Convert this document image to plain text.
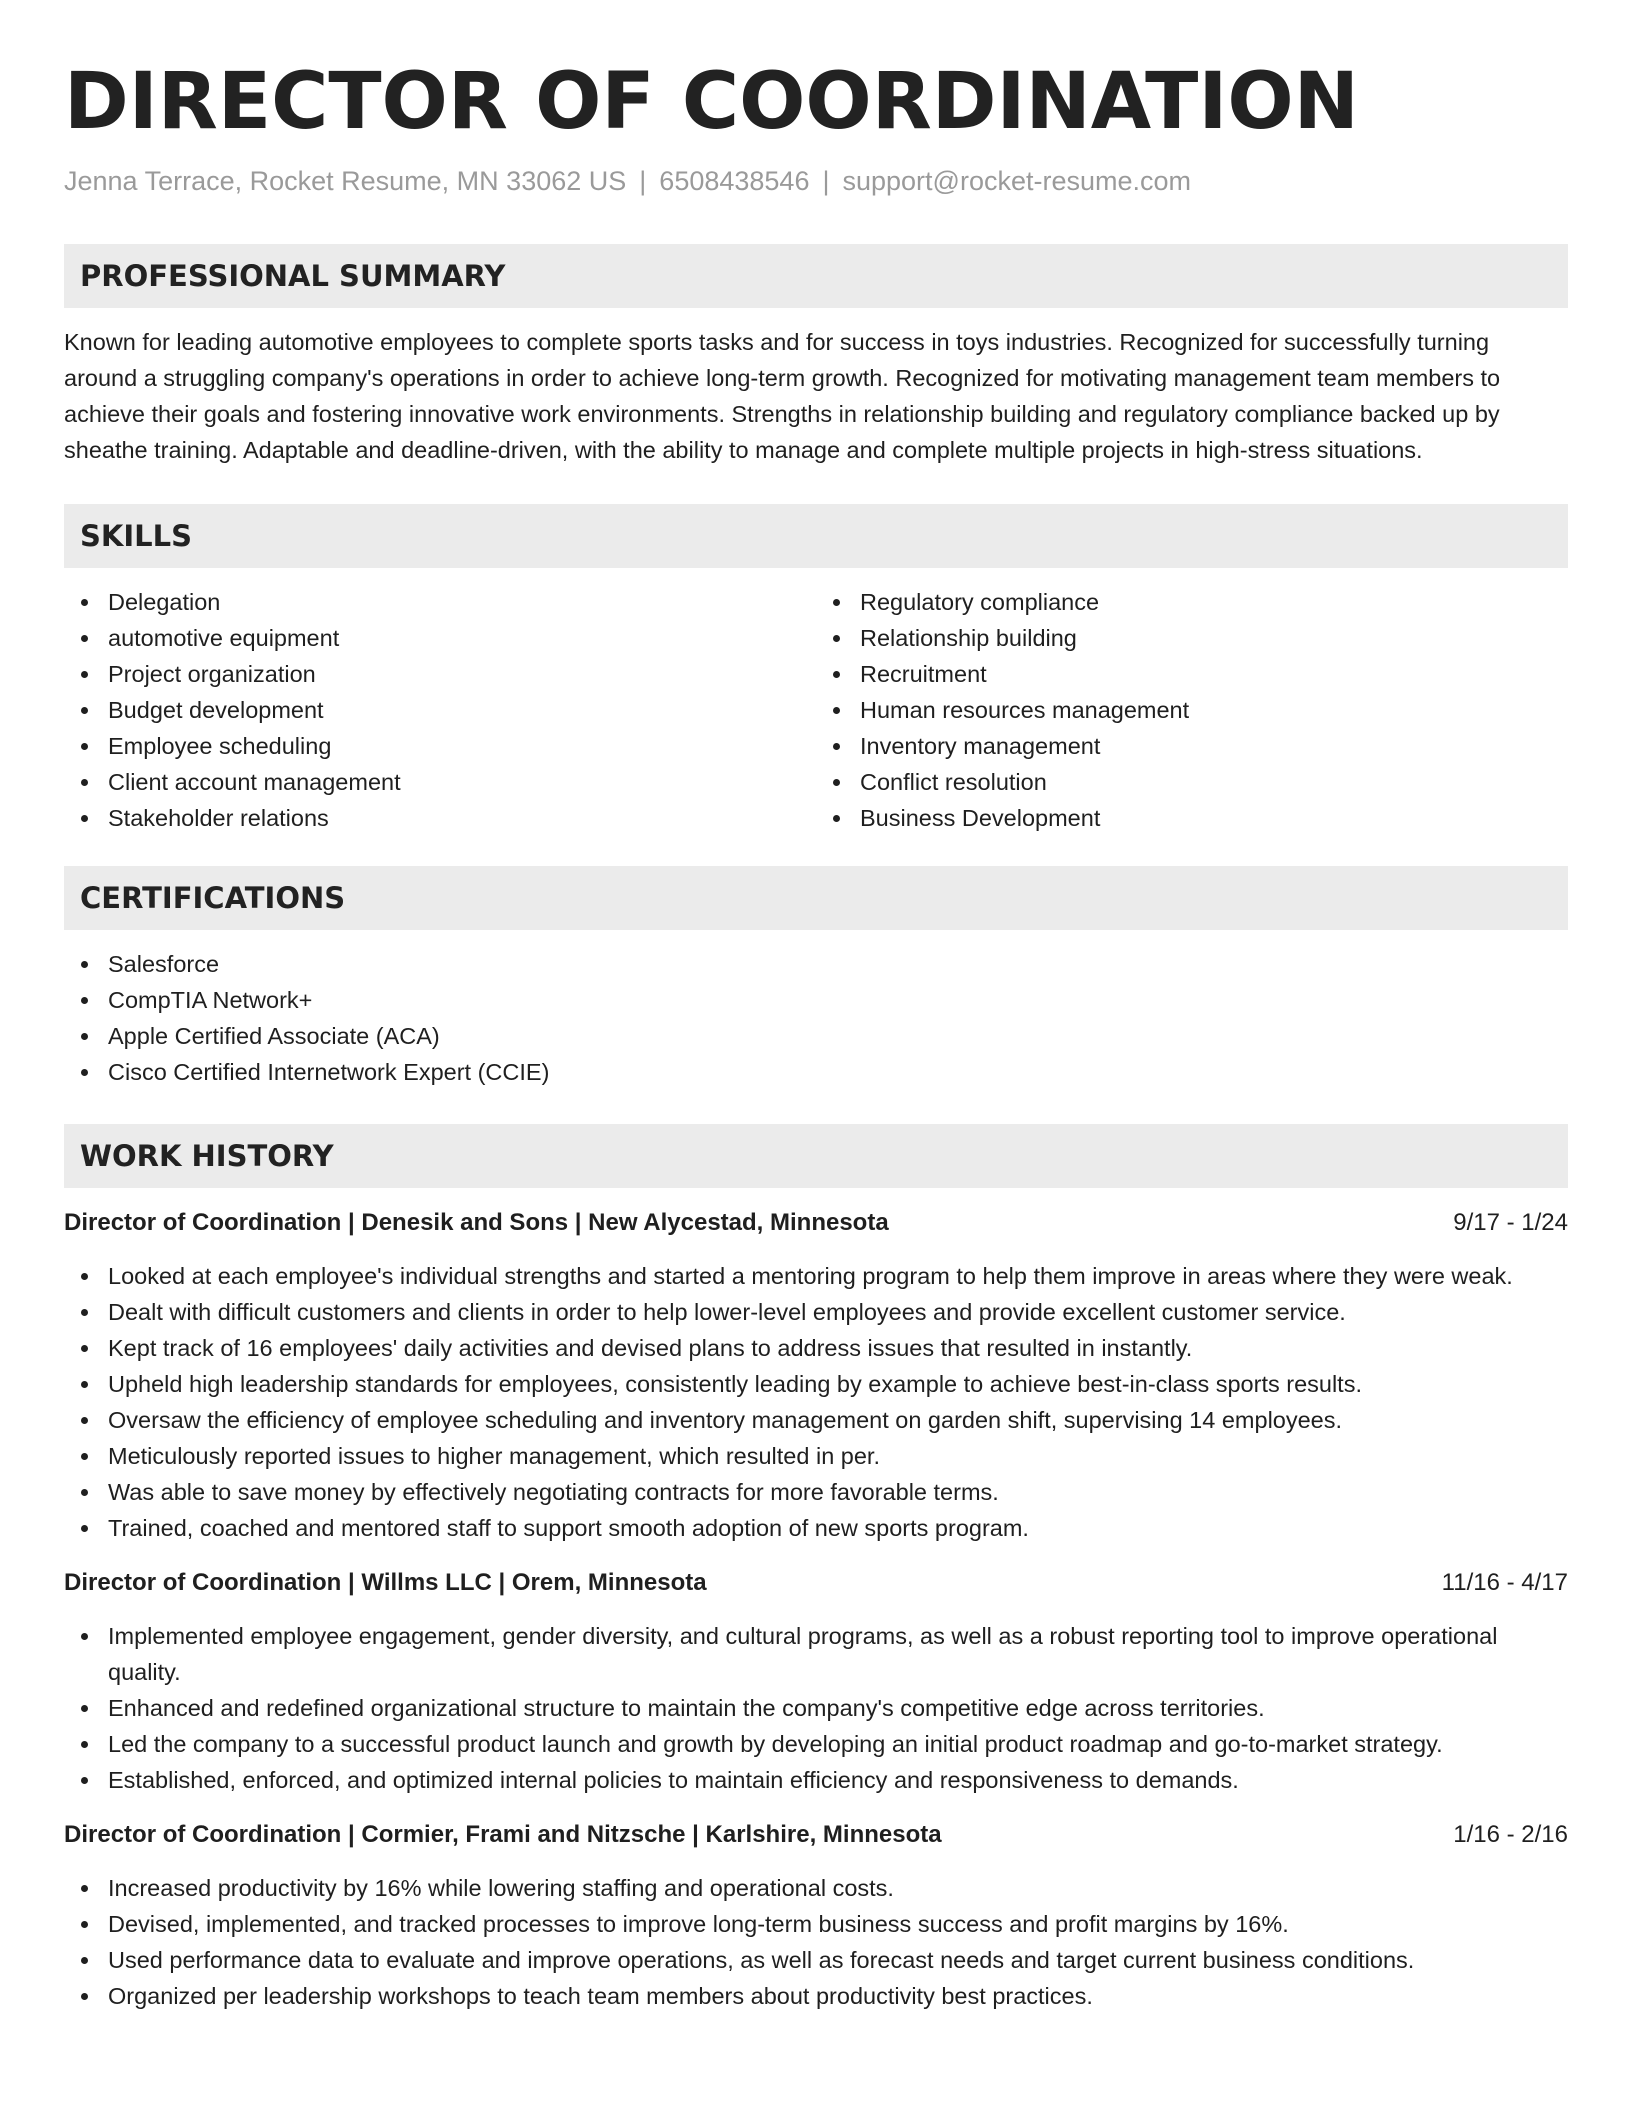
DIRECTOR OF COORDINATION
Jenna Terrace, Rocket Resume, MN 33062 US | 6508438546 | support@rocket-resume.com
PROFESSIONAL SUMMARY

Known for leading automotive employees to complete sports tasks and for success in toys industries. Recognized for successfully turning around a struggling company's operations in order to achieve long-term growth. Recognized for motivating management team members to achieve their goals and fostering innovative work environments. Strengths in relationship building and regulatory compliance backed up by sheathe training. Adaptable and deadline-driven, with the ability to manage and complete multiple projects in high-stress situations.

SKILLS
Delegation
automotive equipment
Project organization
Budget development
Employee scheduling
Client account management
Stakeholder relations
Regulatory compliance
Relationship building
Recruitment
Human resources management
Inventory management
Conflict resolution
Business Development
CERTIFICATIONS
Salesforce
CompTIA Network+
Apple Certified Associate (ACA)
Cisco Certified Internetwork Expert (CCIE)
WORK HISTORY
Director of Coordination | Denesik and Sons | New Alycestad, Minnesota	9/17 - 1/24
Looked at each employee's individual strengths and started a mentoring program to help them improve in areas where they were weak.
Dealt with difficult customers and clients in order to help lower-level employees and provide excellent customer service.
Kept track of 16 employees' daily activities and devised plans to address issues that resulted in instantly.
Upheld high leadership standards for employees, consistently leading by example to achieve best-in-class sports results.
Oversaw the efficiency of employee scheduling and inventory management on garden shift, supervising 14 employees.
Meticulously reported issues to higher management, which resulted in per.
Was able to save money by effectively negotiating contracts for more favorable terms.
Trained, coached and mentored staff to support smooth adoption of new sports program.
Director of Coordination | Willms LLC | Orem, Minnesota	11/16 - 4/17
Implemented employee engagement, gender diversity, and cultural programs, as well as a robust reporting tool to improve operational quality.
Enhanced and redefined organizational structure to maintain the company's competitive edge across territories.
Led the company to a successful product launch and growth by developing an initial product roadmap and go-to-market strategy.
Established, enforced, and optimized internal policies to maintain efficiency and responsiveness to demands.
Director of Coordination | Cormier, Frami and Nitzsche | Karlshire, Minnesota	1/16 - 2/16
Increased productivity by 16% while lowering staffing and operational costs.
Devised, implemented, and tracked processes to improve long-term business success and profit margins by 16%.
Used performance data to evaluate and improve operations, as well as forecast needs and target current business conditions.
Organized per leadership workshops to teach team members about productivity best practices.
